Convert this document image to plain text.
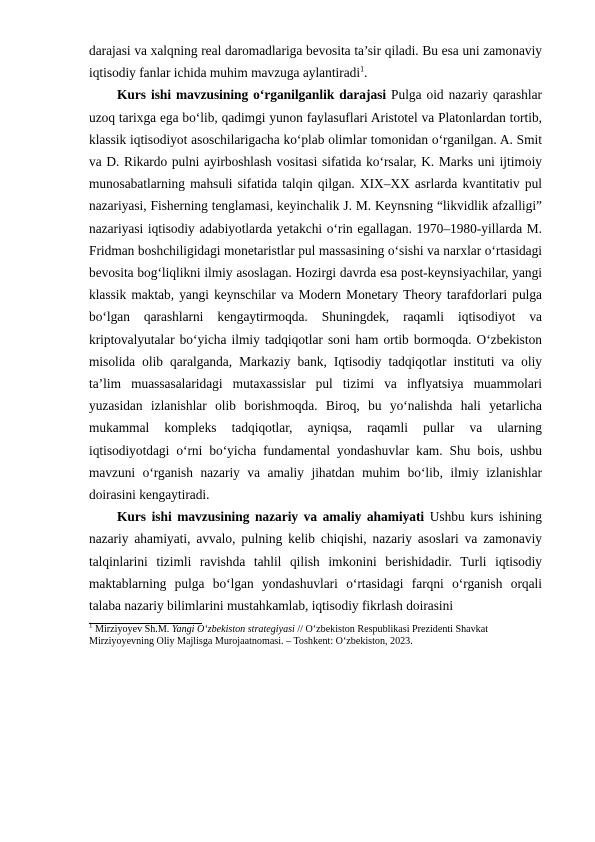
darajasi va xalqning real daromadlariga bevosita ta’sir qiladi. Bu esa uni zamonaviy iqtisodiy fanlar ichida muhim mavzuga aylantiradi$^1$.

Kurs ishi mavzusining o‘rganilganlik darajasi Pulga oid nazariy qarashlar uzoq tarixga ega bo‘lib, qadimgi yunon faylasuflari Aristotel va Platonlardan tortib, klassik iqtisodiyot asoschilarigacha ko‘plab olimlar tomonidan o‘rganilgan. A. Smit va D. Rikardo pulni ayirboshlash vositasi sifatida ko‘rsalar, K. Marks uni ijtimoiy munosabatlarning mahsuli sifatida talqin qilgan. XIX–XX asrlarda kvantitativ pul nazariyasi, Fisherning tenglamasi, keyinchalik J. M. Keynsning “likvidlik afzalligi” nazariyasi iqtisodiy adabiyotlarda yetakchi o‘rin egallagan. 1970–1980-yillarda M. Fridman boshchiligidagi monetaristlar pul massasining o‘sishi va narxlar o‘rtasidagi bevosita bog‘liqlikni ilmiy asoslagan. Hozirgi davrda esa post-keynsiyachilar, yangi klassik maktab, yangi keynschilar va Modern Monetary Theory tarafdorlari pulga bo‘lgan qarashlarni kengaytirmoqda. Shuningdek, raqamli iqtisodiyot va kriptovalyutalar bo‘yicha ilmiy tadqiqotlar soni ham ortib bormoqda. O‘zbekiston misolida olib qaralganda, Markaziy bank, Iqtisodiy tadqiqotlar instituti va oliy ta’lim muassasalaridagi mutaxassislar pul tizimi va inflyatsiya muammolari yuzasidan izlanishlar olib borishmoqda. Biroq, bu yo‘nalishda hali yetarlicha mukammal kompleks tadqiqotlar, ayniqsa, raqamli pullar va ularning iqtisodiyotdagi o‘rni bo‘yicha fundamental yondashuvlar kam. Shu bois, ushbu mavzuni o‘rganish nazariy va amaliy jihatdan muhim bo‘lib, ilmiy izlanishlar doirasini kengaytiradi.

Kurs ishi mavzusining nazariy va amaliy ahamiyati Ushbu kurs ishining nazariy ahamiyati, avvalo, pulning kelib chiqishi, nazariy asoslari va zamonaviy talqinlarini tizimli ravishda tahlil qilish imkonini berishidadir. Turli iqtisodiy maktablarning pulga bo‘lgan yondashuvlari o‘rtasidagi farqni o‘rganish orqali talaba nazariy bilimlarini mustahkamlab, iqtisodiy fikrlash doirasini

$^1$ Mirziyoyev Sh.M. Yangi O‘zbekiston strategiyasi // O‘zbekiston Respublikasi Prezidenti Shavkat Mirziyoyevning Oliy Majlisga Murojaatnomasi. – Toshkent: O‘zbekiston, 2023.
